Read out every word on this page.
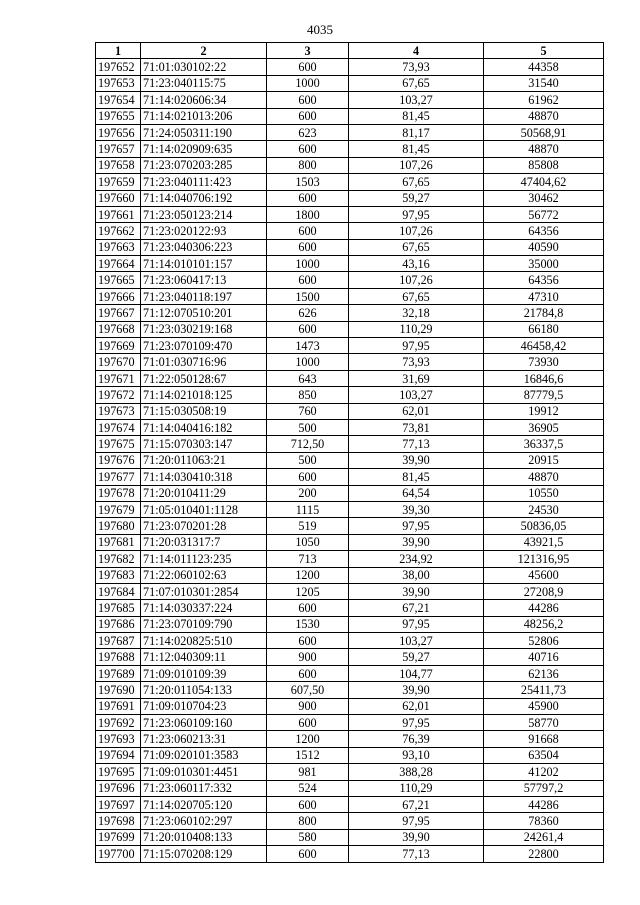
4035
1	2	3	4	5
197652	71:01:030102:22	600	73,93	44358
197653	71:23:040115:75	1000	67,65	31540
197654	71:14:020606:34	600	103,27	61962
197655	71:14:021013:206	600	81,45	48870
197656	71:24:050311:190	623	81,17	50568,91
197657	71:14:020909:635	600	81,45	48870
197658	71:23:070203:285	800	107,26	85808
197659	71:23:040111:423	1503	67,65	47404,62
197660	71:14:040706:192	600	59,27	30462
197661	71:23:050123:214	1800	97,95	56772
197662	71:23:020122:93	600	107,26	64356
197663	71:23:040306:223	600	67,65	40590
197664	71:14:010101:157	1000	43,16	35000
197665	71:23:060417:13	600	107,26	64356
197666	71:23:040118:197	1500	67,65	47310
197667	71:12:070510:201	626	32,18	21784,8
197668	71:23:030219:168	600	110,29	66180
197669	71:23:070109:470	1473	97,95	46458,42
197670	71:01:030716:96	1000	73,93	73930
197671	71:22:050128:67	643	31,69	16846,6
197672	71:14:021018:125	850	103,27	87779,5
197673	71:15:030508:19	760	62,01	19912
197674	71:14:040416:182	500	73,81	36905
197675	71:15:070303:147	712,50	77,13	36337,5
197676	71:20:011063:21	500	39,90	20915
197677	71:14:030410:318	600	81,45	48870
197678	71:20:010411:29	200	64,54	10550
197679	71:05:010401:1128	1115	39,30	24530
197680	71:23:070201:28	519	97,95	50836,05
197681	71:20:031317:7	1050	39,90	43921,5
197682	71:14:011123:235	713	234,92	121316,95
197683	71:22:060102:63	1200	38,00	45600
197684	71:07:010301:2854	1205	39,90	27208,9
197685	71:14:030337:224	600	67,21	44286
197686	71:23:070109:790	1530	97,95	48256,2
197687	71:14:020825:510	600	103,27	52806
197688	71:12:040309:11	900	59,27	40716
197689	71:09:010109:39	600	104,77	62136
197690	71:20:011054:133	607,50	39,90	25411,73
197691	71:09:010704:23	900	62,01	45900
197692	71:23:060109:160	600	97,95	58770
197693	71:23:060213:31	1200	76,39	91668
197694	71:09:020101:3583	1512	93,10	63504
197695	71:09:010301:4451	981	388,28	41202
197696	71:23:060117:332	524	110,29	57797,2
197697	71:14:020705:120	600	67,21	44286
197698	71:23:060102:297	800	97,95	78360
197699	71:20:010408:133	580	39,90	24261,4
197700	71:15:070208:129	600	77,13	22800
